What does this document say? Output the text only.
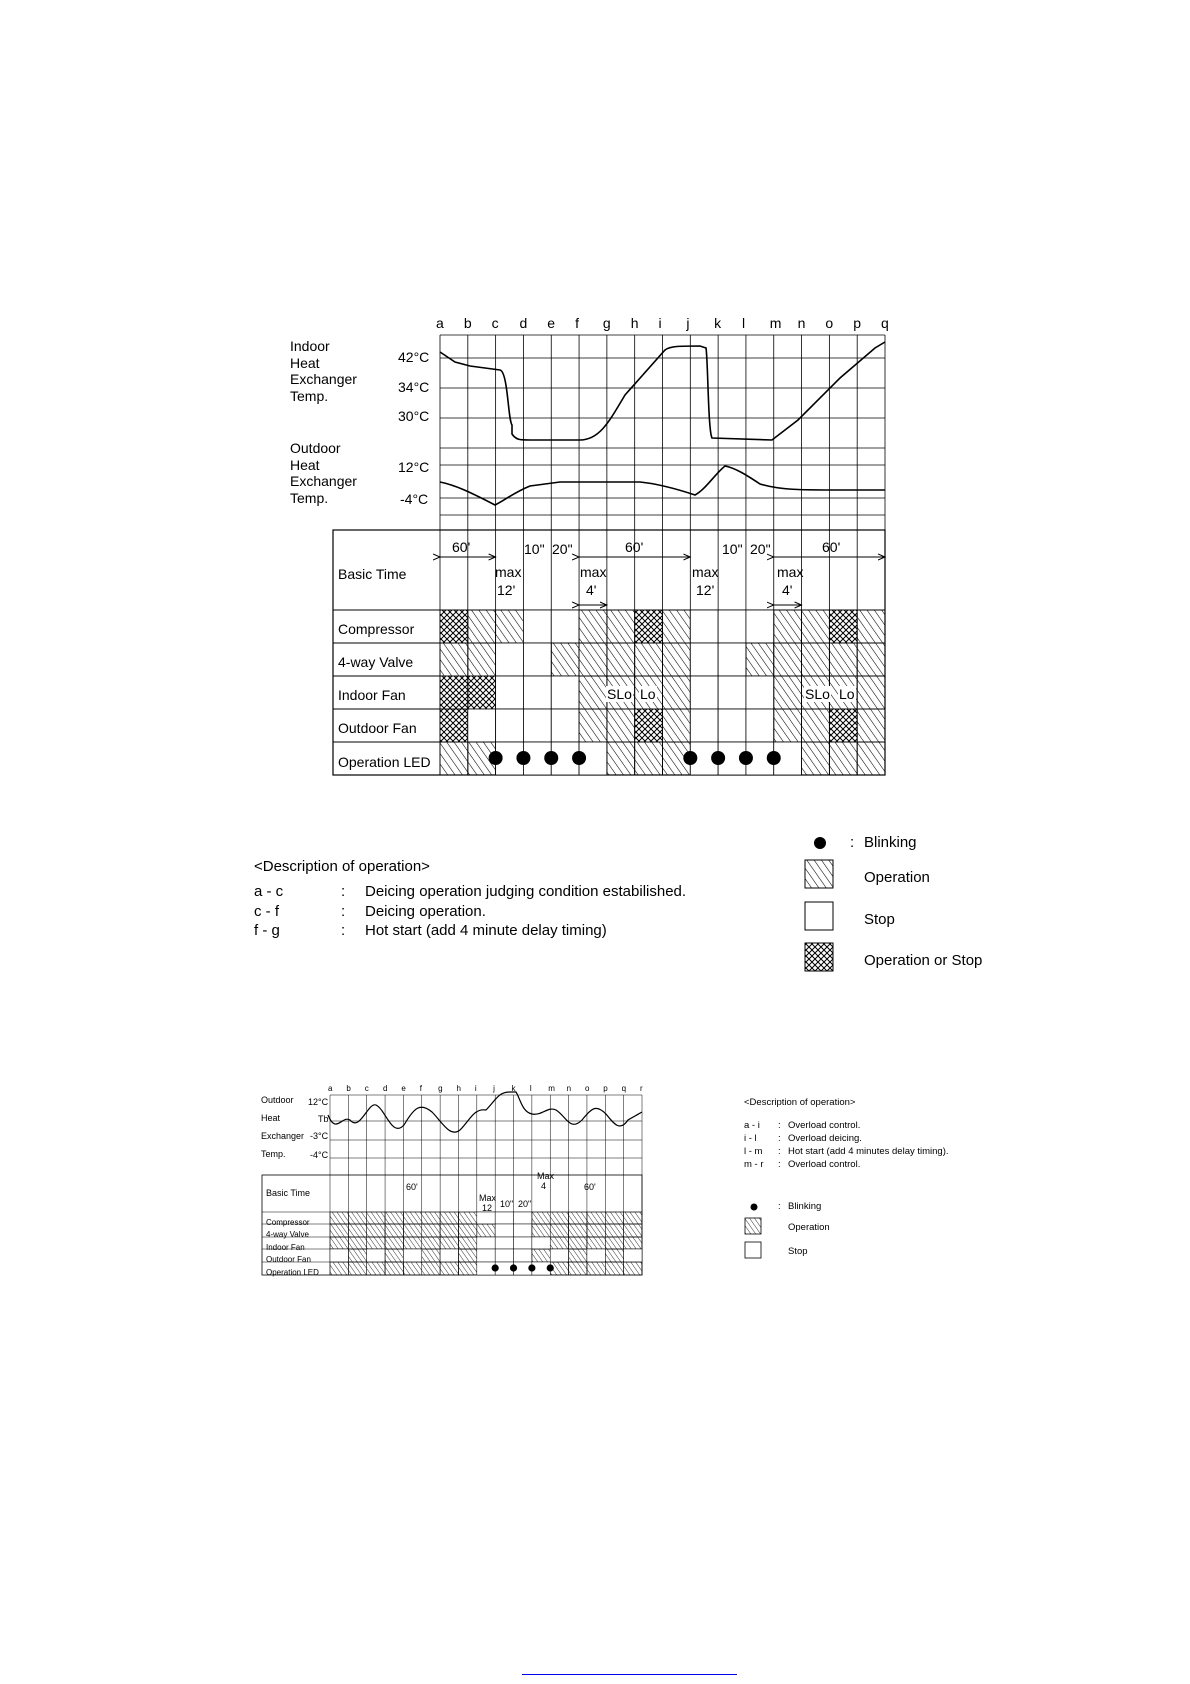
a b c d e f g h i j k l m n o p q
Indoor
Heat
Exchanger
Temp.
42°C
34°C
30°C
Outdoor
Heat
Exchanger
Temp.
12°C
-4°C
Basic Time
Compressor
4-way Valve
Indoor Fan
Outdoor Fan
Operation LED
60'
max
12'
10" 20"
max
4'
60'
max
12'
10" 20"
max
4'
60'
SLo Lo	SLo Lo
<Description of operation>
a - c	: Deicing operation judging condition estabilished.
c - f	: Deicing operation.
f - g	: Hot start (add 4 minute delay timing)
: Blinking
Operation
Stop
Operation or Stop
a b c d e f g h i j k l m n o p q r
Outdoor
Heat
Exchanger
Temp.
12°C
Tb
-3°C
-4°C
Basic Time
Compressor
4-way Valve
Indoor Fan
Outdoor Fan
Operation LED
60'
Max
12 10" 20"
Max
4	60'
<Description of operation>
a - i : Overload control.
i - l : Overload deicing.
l - m : Hot start (add 4 minutes delay timing).
m - r : Overload control.
: Blinking
Operation
Stop
